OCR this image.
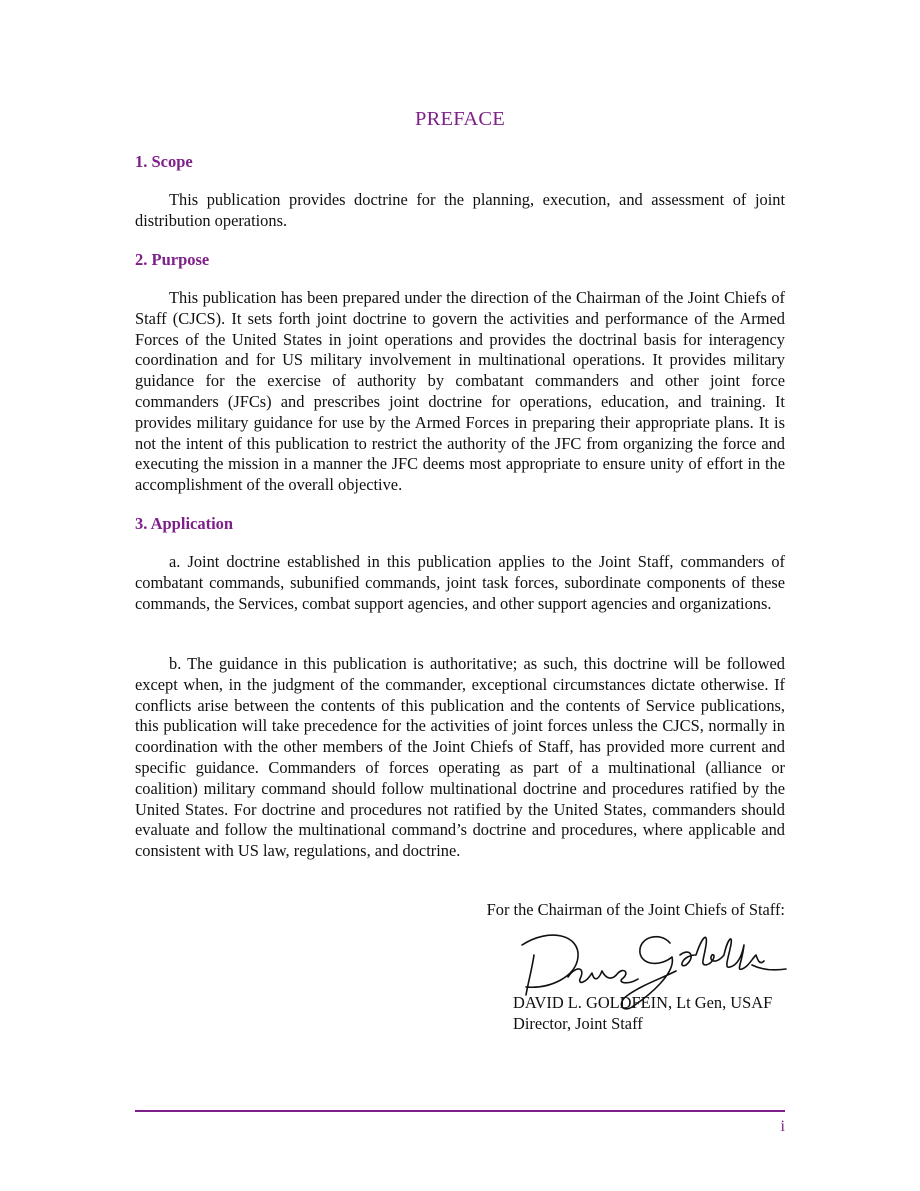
PREFACE
1. Scope
This publication provides doctrine for the planning, execution, and assessment of joint distribution operations.
2. Purpose
This publication has been prepared under the direction of the Chairman of the Joint Chiefs of Staff (CJCS). It sets forth joint doctrine to govern the activities and performance of the Armed Forces of the United States in joint operations and provides the doctrinal basis for interagency coordination and for US military involvement in multinational operations. It provides military guidance for the exercise of authority by combatant commanders and other joint force commanders (JFCs) and prescribes joint doctrine for operations, education, and training. It provides military guidance for use by the Armed Forces in preparing their appropriate plans. It is not the intent of this publication to restrict the authority of the JFC from organizing the force and executing the mission in a manner the JFC deems most appropriate to ensure unity of effort in the accomplishment of the overall objective.
3. Application
a. Joint doctrine established in this publication applies to the Joint Staff, commanders of combatant commands, subunified commands, joint task forces, subordinate components of these commands, the Services, combat support agencies, and other support agencies and organizations.
b. The guidance in this publication is authoritative; as such, this doctrine will be followed except when, in the judgment of the commander, exceptional circumstances dictate otherwise. If conflicts arise between the contents of this publication and the contents of Service publications, this publication will take precedence for the activities of joint forces unless the CJCS, normally in coordination with the other members of the Joint Chiefs of Staff, has provided more current and specific guidance. Commanders of forces operating as part of a multinational (alliance or coalition) military command should follow multinational doctrine and procedures ratified by the United States. For doctrine and procedures not ratified by the United States, commanders should evaluate and follow the multinational command’s doctrine and procedures, where applicable and consistent with US law, regulations, and doctrine.
For the Chairman of the Joint Chiefs of Staff:
DAVID L. GOLDFEIN, Lt Gen, USAF
Director, Joint Staff
i
